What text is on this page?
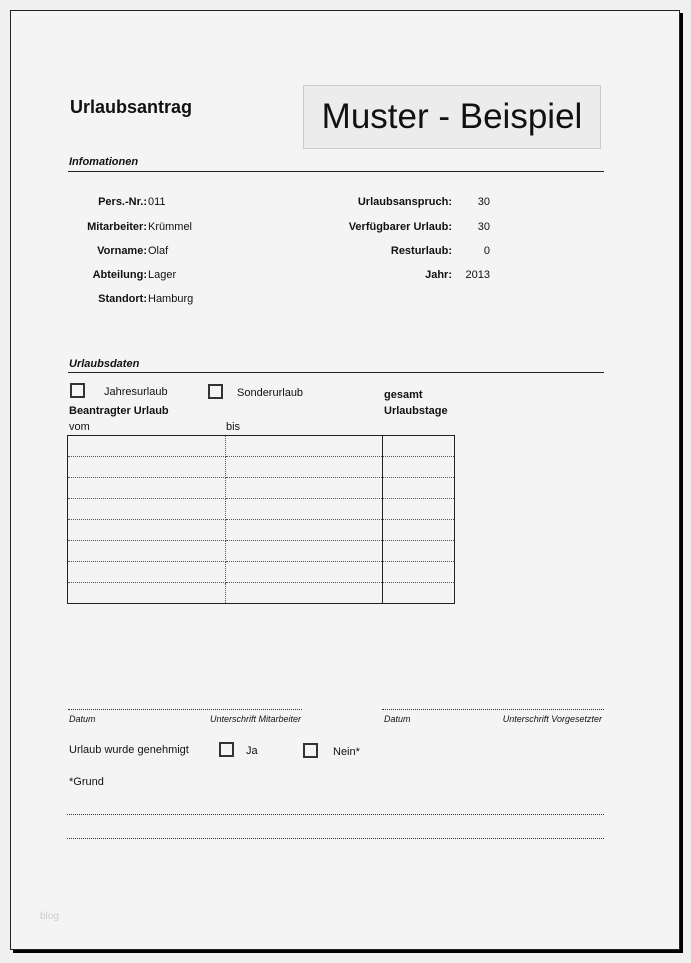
Urlaubsantrag	Muster - Beispiel
Infomationen
Pers.-Nr.: 011
Mitarbeiter: Krümmel
Vorname: Olaf
Abteilung: Lager
Standort: Hamburg
Urlaubsanspruch: 30
Verfügbarer Urlaub: 30
Resturlaub:	0
Jahr: 2013
Urlaubsdaten
Jahresurlaub	Sonderurlaub	gesamt
Urlaubstage
Beantragter Urlaub
vom	bis

Datum	Unterschrift Mitarbeiter	Datum	Unterschrift Vorgesetzter
Urlaub wurde genehmigt	Ja	Nein*
*Grund
blog
